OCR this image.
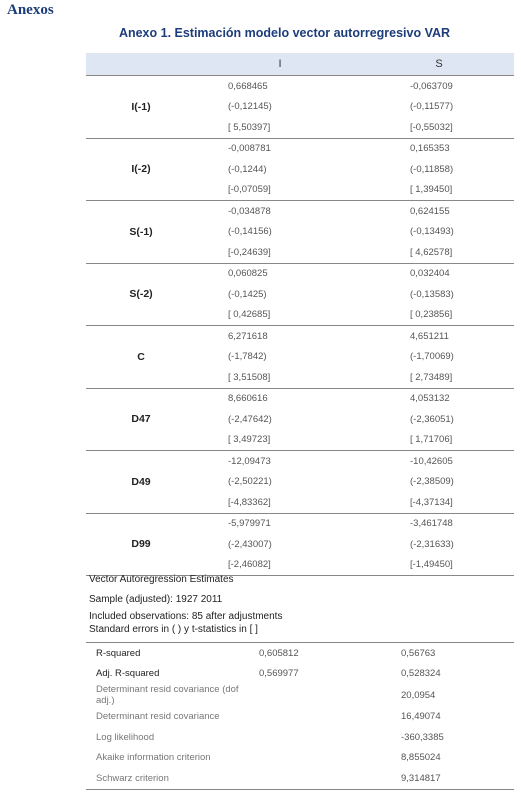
Anexos
Anexo 1. Estimación modelo vector autorregresivo VAR
	I	S
I(-1)	0,668465	-0,063709
	(-0,12145)	(-0,11577)
	[ 5,50397]	[-0,55032]
I(-2)	-0,008781	0,165353
	(-0,1244)	(-0,11858)
	[-0,07059]	[ 1,39450]
S(-1)	-0,034878	0,624155
	(-0,14156)	(-0,13493)
	[-0,24639]	[ 4,62578]
S(-2)	0,060825	0,032404
	(-0,1425)	(-0,13583)
	[ 0,42685]	[ 0,23856]
C	6,271618	4,651211
	(-1,7842)	(-1,70069)
	[ 3,51508]	[ 2,73489]
D47	8,660616	4,053132
	(-2,47642)	(-2,36051)
	[ 3,49723]	[ 1,71706]
D49	-12,09473	-10,42605
	(-2,50221)	(-2,38509)
	[-4,83362]	[-4,37134]
D99	-5,979971	-3,461748
	(-2,43007)	(-2,31633)
	[-2,46082]	[-1,49450]
Vector Autoregression Estimates
Sample (adjusted): 1927 2011
Included observations: 85 after adjustments
Standard errors in ( ) y t-statistics in [ ]
R-squared	0,605812	0,56763
Adj. R-squared	0,569977	0,528324
Determinant resid covariance (dof adj.)		20,0954
Determinant resid covariance		16,49074
Log likelihood		-360,3385
Akaike information criterion		8,855024
Schwarz criterion		9,314817
